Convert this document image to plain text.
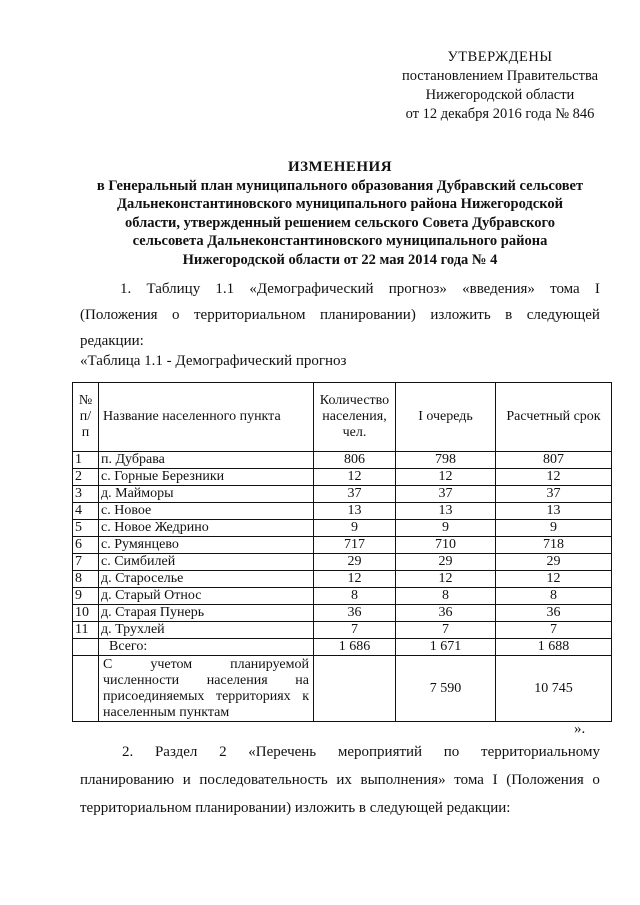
УТВЕРЖДЕНЫ
постановлением Правительства
Нижегородской области
от 12 декабря 2016 года № 846
ИЗМЕНЕНИЯ
в Генеральный план муниципального образования Дубравский сельсовет
Дальнеконстантиновского муниципального района Нижегородской
области, утвержденный решением сельского Совета Дубравского
сельсовета Дальнеконстантиновского муниципального района
Нижегородской области от 22 мая 2014 года № 4
1. Таблицу 1.1 «Демографический прогноз» «введения» тома I
(Положения о территориальном планировании) изложить в следующей
редакции:
«Таблица 1.1 - Демографический прогноз
№ п/п	Название населенного пункта	Количество населения, чел.	I очередь	Расчетный срок
1	п. Дубрава	806	798	807
2	с. Горные Березники	12	12	12
3	д. Майморы	37	37	37
4	с. Новое	13	13	13
5	с. Новое Жедрино	9	9	9
6	с. Румянцево	717	710	718
7	с. Симбилей	29	29	29
8	д. Староселье	12	12	12
9	д. Старый Относ	8	8	8
10	д. Старая Пунерь	36	36	36
11	д. Трухлей	7	7	7
	Всего:	1 686	1 671	1 688
	С учетом планируемой численности населения на присоединяемых территориях к населенным пунктам		7 590	10 745
».
2. Раздел 2 «Перечень мероприятий по территориальному
планированию и последовательность их выполнения» тома I (Положения о
территориальном планировании) изложить в следующей редакции:
